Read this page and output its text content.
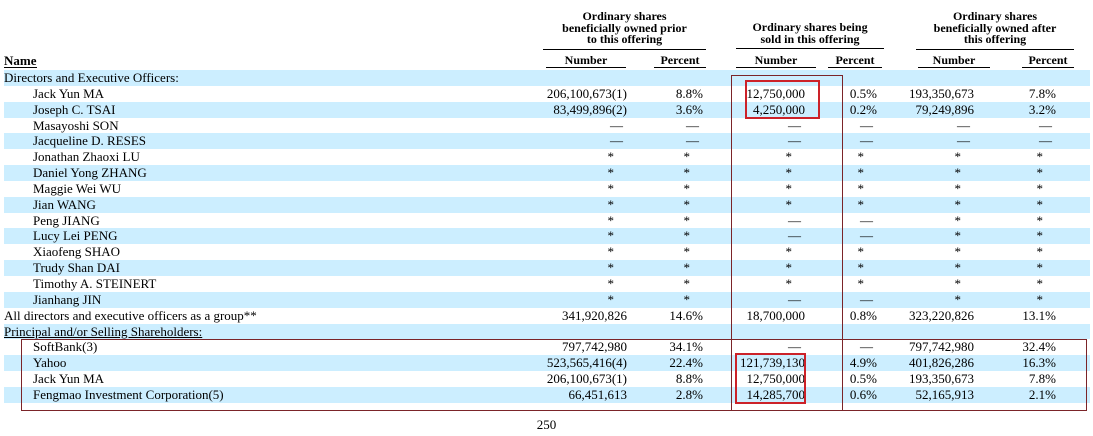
Name
Ordinary shares
beneficially owned prior
to this offering
Ordinary shares being
sold in this offering
Ordinary shares
beneficially owned after
this offering
Number	Percent	Number	Percent	Number	Percent
Directors and Executive Officers:
Jack Yun MA	206,100,673(1)	8.8%	12,750,000	0.5%	193,350,673	7.8%
Joseph C. TSAI	83,499,896(2)	3.6%	4,250,000	0.2%	79,249,896	3.2%
Masayoshi SON	—	—	—	—	—	—
Jacqueline D. RESES	—	—	—	—	—	—
Jonathan Zhaoxi LU	*	*	*	*	*	*
Daniel Yong ZHANG	*	*	*	*	*	*
Maggie Wei WU	*	*	*	*	*	*
Jian WANG	*	*	*	*	*	*
Peng JIANG	*	*	—	—	*	*
Lucy Lei PENG	*	*	—	—	*	*
Xiaofeng SHAO	*	*	*	*	*	*
Trudy Shan DAI	*	*	*	*	*	*
Timothy A. STEINERT	*	*	*	*	*	*
Jianhang JIN	*	*	—	—	*	*
All directors and executive officers as a group**	341,920,826	14.6%	18,700,000	0.8%	323,220,826	13.1%
Principal and/or Selling Shareholders:
SoftBank(3)	797,742,980	34.1%	—	—	797,742,980	32.4%
Yahoo	523,565,416(4)	22.4%	121,739,130	4.9%	401,826,286	16.3%
Jack Yun MA	206,100,673(1)	8.8%	12,750,000	0.5%	193,350,673	7.8%
Fengmao Investment Corporation(5)	66,451,613	2.8%	14,285,700	0.6%	52,165,913	2.1%
250
